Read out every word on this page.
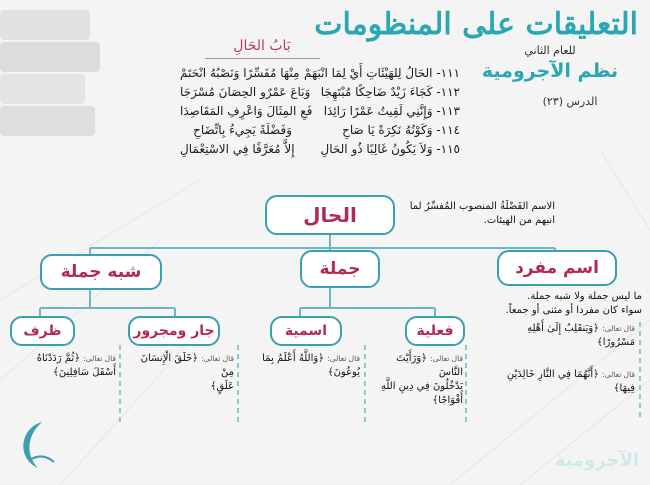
التعليقات على المنظومات
للعام الثاني
نظم الآجرومية
الدرس (٢٣)
بَابُ الحَالِ
١١١- الحَالُ لِلهَيْئَاتِ أَيْ لِمَا انْبَهَمْ
مِنْهَا مُفَسِّرًا وَنَصْبُهُ انْحَتَمْ
١١٢- كَجَاءَ زَيْدٌ ضَاحِكًا مُبْتَهِجَا
وَبَاعَ عَمْرٌو الحِصَانَ مُسْرَجَا
١١٣- وَإِنَّنِي لَقِيتُ عَمْرًا رَائِدَا
فَعِ المِثَالَ وَاعْرِفِ المَقَاصِدَا
١١٤- وَكَوْنُهُ نَكِرَةً يَا صَاحِ
وَفَضْلَةً يَجِيءُ بِاتِّضَاحِ
١١٥- وَلاَ يَكُونُ غَالِبًا ذُو الحَالِ
إِلاَّ مُعَرَّفًا فِي الاسْتِعْمَالِ
الحال	الاسم الفَضْلَةُ المنصوب المُفسِّرُ لما
انبهم من الهيئات.
اسم مفرد
جملة
شبه جملة
ما ليس جملة ولا شبه جملة.
سواء كان مفردا أو مثنى أو جمعاً.
فعلية
اسمية
جار ومجرور
ظرف	قال تعالى: ﴿وَيَنقَلِبُ إِلَىٰ أَهْلِهِ
مَسْرُورًا﴾
قال تعالى: ﴿أَنَّهُمَا فِي النَّارِ خَالِدَيْنِ
فِيهَا﴾
قال تعالى: ﴿وَرَأَيْتَ النَّاسَ
يَدْخُلُونَ فِي دِينِ اللَّهِ
أَفْوَاجًا﴾
قال تعالى: ﴿وَاللَّهُ أَعْلَمُ بِمَا
يُوعُونَ﴾
قال تعالى: ﴿خَلَقَ الْإِنسَانَ مِنْ
عَلَقٍ﴾
قال تعالى: ﴿ثُمَّ رَدَدْنَاهُ
أَسْفَلَ سَافِلِينَ﴾
الآجرومية
